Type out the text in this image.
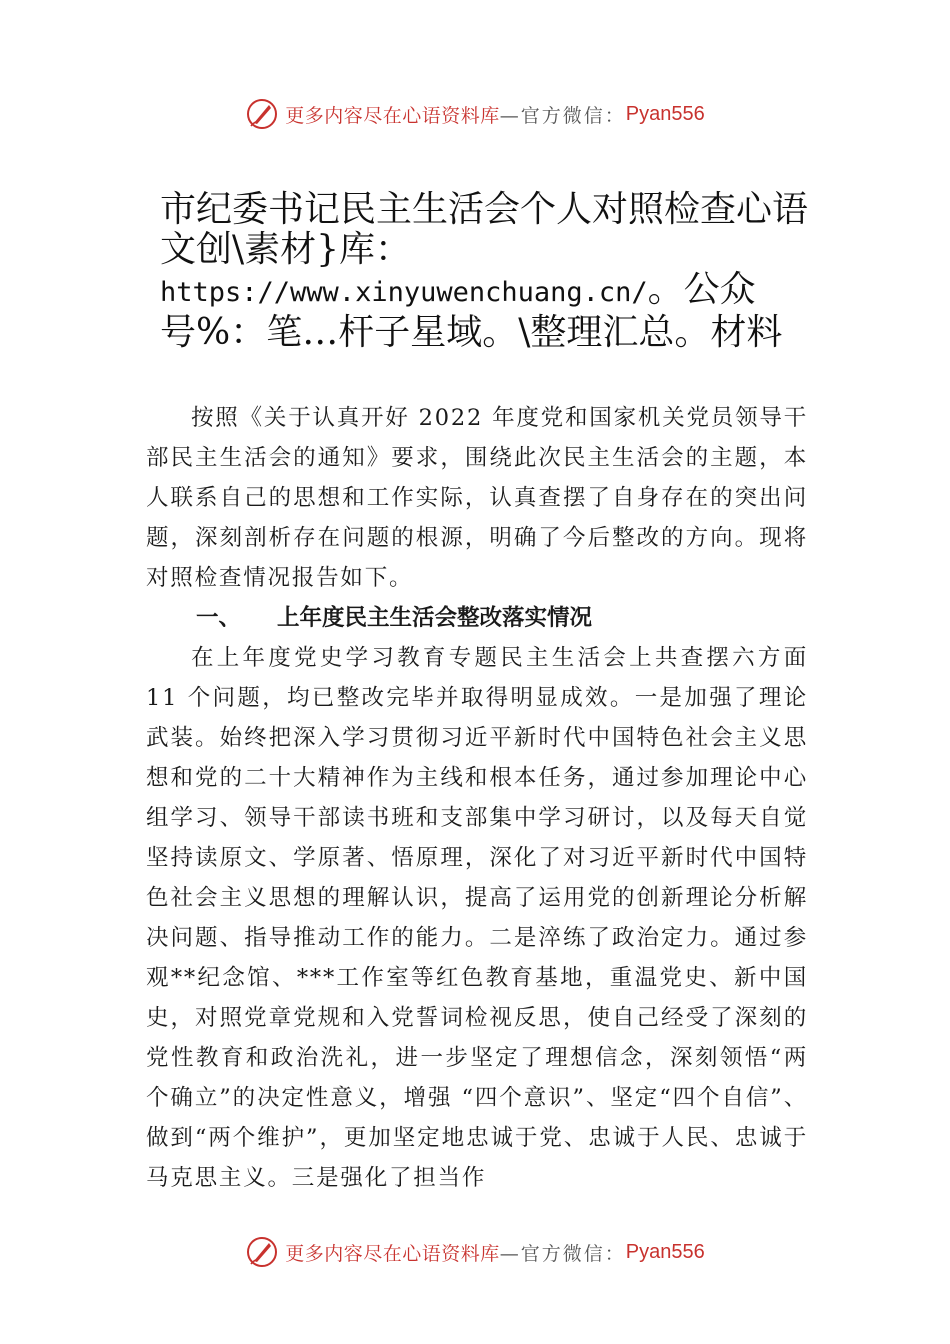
更多内容尽在心语资料库 —官方微信： Pyan556
市纪委书记民主生活会个人对照检查心语文创\素材}库：https://www.xinyuwenchuang.cn/。公众号%：笔…杆子星域。\整理汇总。材料

按照《关于认真开好 2022 年度党和国家机关党员领导干部民主生活会的通知》要求，围绕此次民主生活会的主题，本人联系自己的思想和工作实际，认真查摆了自身存在的突出问题，深刻剖析存在问题的根源，明确了今后整改的方向。现将对照检查情况报告如下。

一、 上年度民主生活会整改落实情况

在上年度党史学习教育专题民主生活会上共查摆六方面 11 个问题，均已整改完毕并取得明显成效。一是加强了理论武装。始终把深入学习贯彻习近平新时代中国特色社会主义思想和党的二十大精神作为主线和根本任务，通过参加理论中心组学习、领导干部读书班和支部集中学习研讨，以及每天自觉坚持读原文、学原著、悟原理，深化了对习近平新时代中国特色社会主义思想的理解认识，提高了运用党的创新理论分析解决问题、指导推动工作的能力。二是淬练了政治定力。通过参观**纪念馆、***工作室等红色教育基地，重温党史、新中国史，对照党章党规和入党誓词检视反思，使自己经受了深刻的党性教育和政治洗礼，进一步坚定了理想信念，深刻领悟“两个确立”的决定性意义，增强 “四个意识”、坚定“四个自信”、做到“两个维护”，更加坚定地忠诚于党、忠诚于人民、忠诚于马克思主义。三是强化了担当作

更多内容尽在心语资料库 —官方微信： Pyan556
